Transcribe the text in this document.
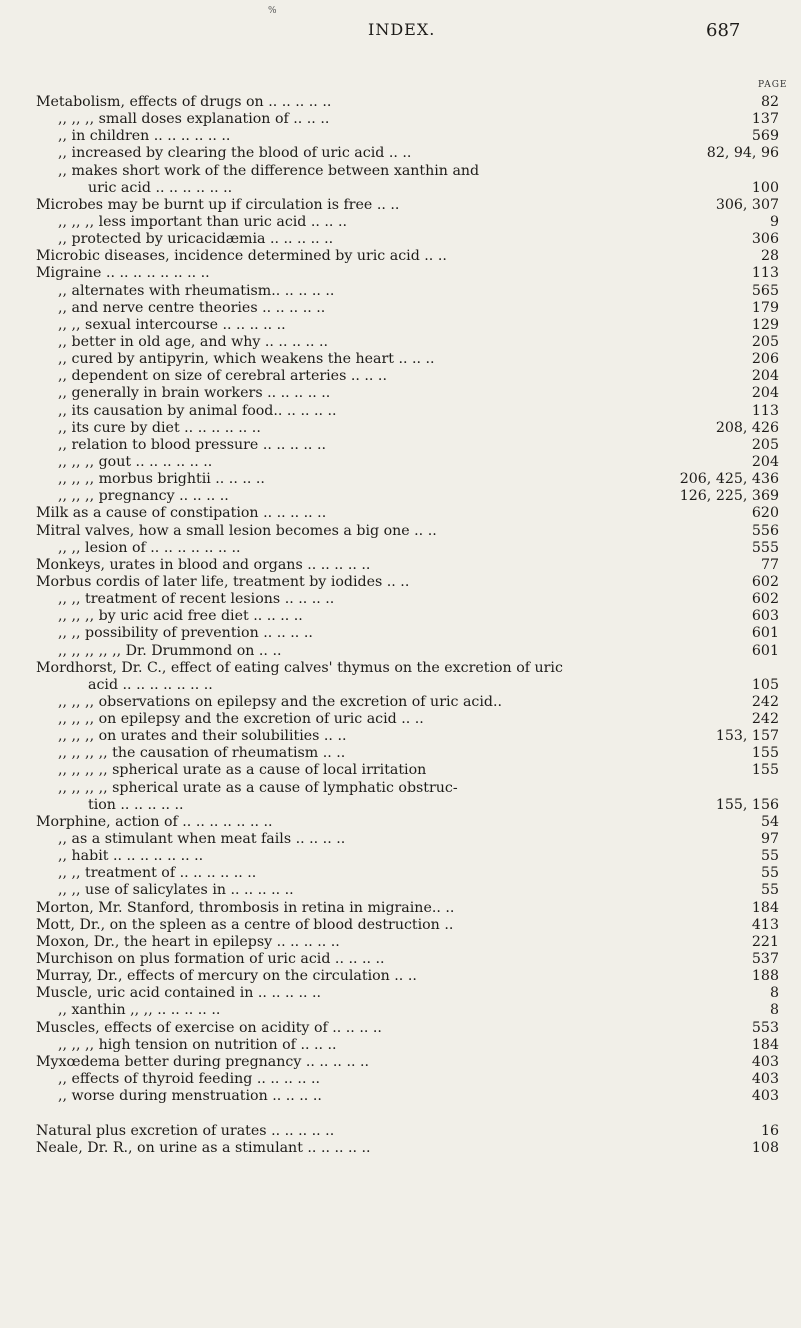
%
INDEX.	687
PAGE
Metabolism, effects of drugs on .. .. .. .. ..	82
,, ,, ,, small doses explanation of .. .. ..	137
,, in children .. .. .. .. .. ..	569
,, increased by clearing the blood of uric acid .. ..	82, 94, 96
,, makes short work of the difference between xanthin and
uric acid .. .. .. .. .. ..	100
Microbes may be burnt up if circulation is free .. ..	306, 307
,, ,, ,, less important than uric acid .. .. ..	9
,, protected by uricacidæmia .. .. .. .. ..	306
Microbic diseases, incidence determined by uric acid .. ..	28
Migraine .. .. .. .. .. .. .. ..	113
,, alternates with rheumatism.. .. .. .. ..	565
,, and nerve centre theories .. .. .. .. ..	179
,, ,, sexual intercourse .. .. .. .. ..	129
,, better in old age, and why .. .. .. .. ..	205
,, cured by antipyrin, which weakens the heart .. .. ..	206
,, dependent on size of cerebral arteries .. .. ..	204
,, generally in brain workers .. .. .. .. ..	204
,, its causation by animal food.. .. .. .. ..	113
,, its cure by diet .. .. .. .. .. ..	208, 426
,, relation to blood pressure .. .. .. .. ..	205
,, ,, ,, gout .. .. .. .. .. ..	204
,, ,, ,, morbus brightii .. .. .. ..	206, 425, 436
,, ,, ,, pregnancy .. .. .. ..	126, 225, 369
Milk as a cause of constipation .. .. .. .. ..	620
Mitral valves, how a small lesion becomes a big one .. ..	556
,, ,, lesion of .. .. .. .. .. .. ..	555
Monkeys, urates in blood and organs .. .. .. .. ..	77
Morbus cordis of later life, treatment by iodides .. ..	602
,, ,, treatment of recent lesions .. .. .. ..	602
,, ,, ,, by uric acid free diet .. .. .. ..	603
,, ,, possibility of prevention .. .. .. ..	601
,, ,, ,, ,, ,, Dr. Drummond on .. ..	601
Mordhorst, Dr. C., effect of eating calves' thymus on the excretion of uric
acid .. .. .. .. .. .. ..	105
,, ,, ,, observations on epilepsy and the excretion of uric acid..	242
,, ,, ,, on epilepsy and the excretion of uric acid .. ..	242
,, ,, ,, on urates and their solubilities .. ..	153, 157
,, ,, ,, ,, the causation of rheumatism .. ..	155
,, ,, ,, ,, spherical urate as a cause of local irritation	155
,, ,, ,, ,, spherical urate as a cause of lymphatic obstruc-
tion .. .. .. .. ..	155, 156
Morphine, action of .. .. .. .. .. .. ..	54
,, as a stimulant when meat fails .. .. .. ..	97
,, habit .. .. .. .. .. .. ..	55
,, ,, treatment of .. .. .. .. .. ..	55
,, ,, use of salicylates in .. .. .. .. ..	55
Morton, Mr. Stanford, thrombosis in retina in migraine.. ..	184
Mott, Dr., on the spleen as a centre of blood destruction ..	413
Moxon, Dr., the heart in epilepsy .. .. .. .. ..	221
Murchison on plus formation of uric acid .. .. .. ..	537
Murray, Dr., effects of mercury on the circulation .. ..	188
Muscle, uric acid contained in .. .. .. .. ..	8
,, xanthin ,, ,, .. .. .. .. ..	8
Muscles, effects of exercise on acidity of .. .. .. ..	553
,, ,, ,, high tension on nutrition of .. .. ..	184
Myxœdema better during pregnancy .. .. .. .. ..	403
,, effects of thyroid feeding .. .. .. .. ..	403
,, worse during menstruation .. .. .. ..	403
Natural plus excretion of urates .. .. .. .. ..	16
Neale, Dr. R., on urine as a stimulant .. .. .. .. ..	108
